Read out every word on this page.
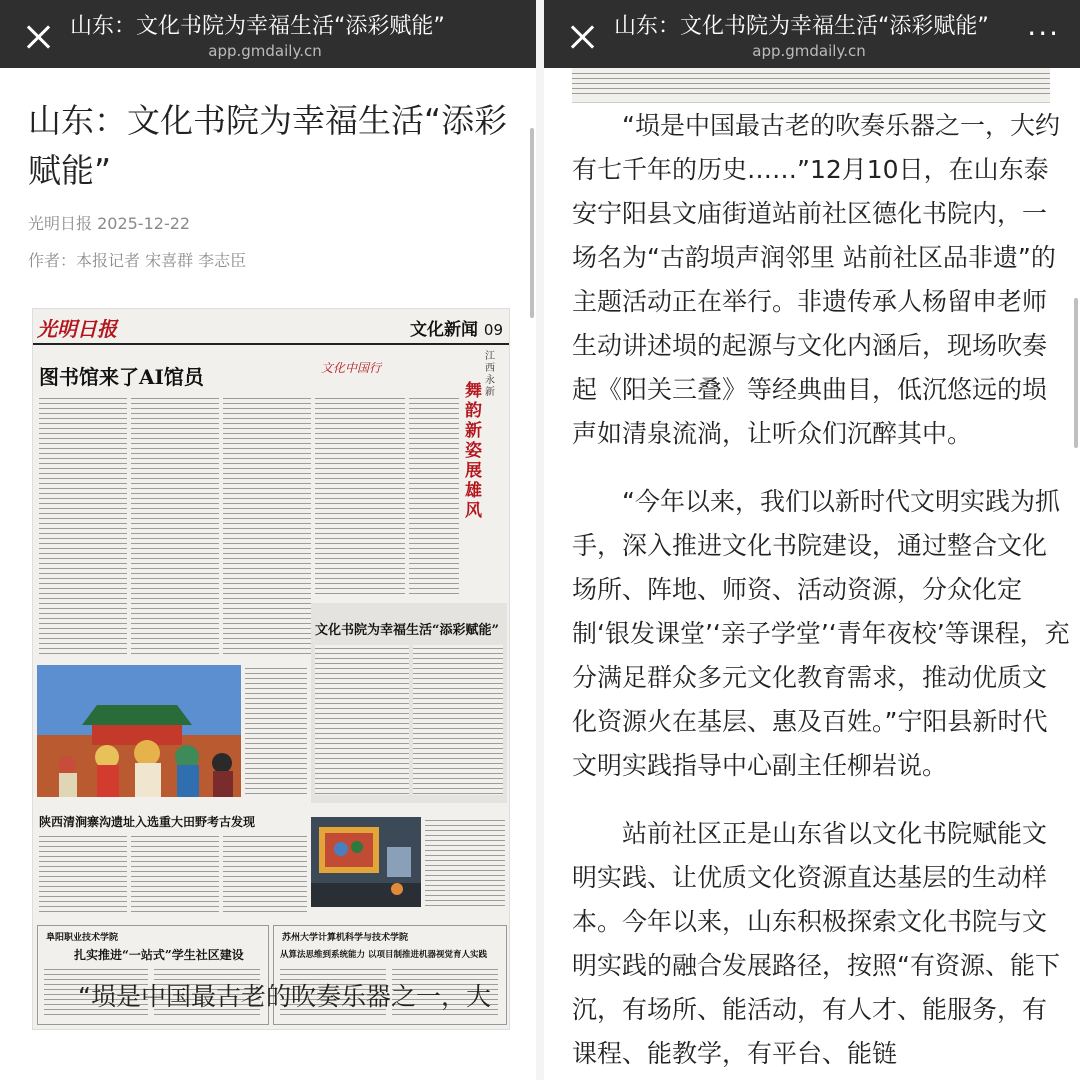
山东：文化书院为幸福生活“添彩赋能”
app.gmdaily.cn
山东：文化书院为幸福生活“添彩赋能”
光明日报 2025-12-22
作者：本报记者 宋喜群 李志臣
光明日报	文化新闻 09
图书馆来了AI馆员	文化中国行
江西永新
舞韵新姿展雄风
文化书院为幸福生活“添彩赋能”
陕西清涧寨沟遗址入选重大田野考古发现
阜阳职业技术学院
扎实推进“一站式”学生社区建设
苏州大学计算机科学与技术学院
从算法思维到系统能力 以项目制推进机器视觉育人实践
“埙是中国最古老的吹奏乐器之一，大
山东：文化书院为幸福生活“添彩赋能”
app.gmdaily.cn
···

“埙是中国最古老的吹奏乐器之一，大约有七千年的历史……”12月10日，在山东泰安宁阳县文庙街道站前社区德化书院内，一场名为“古韵埙声润邻里 站前社区品非遗”的主题活动正在举行。非遗传承人杨留申老师生动讲述埙的起源与文化内涵后，现场吹奏起《阳关三叠》等经典曲目，低沉悠远的埙声如清泉流淌，让听众们沉醉其中。

“今年以来，我们以新时代文明实践为抓手，深入推进文化书院建设，通过整合文化场所、阵地、师资、活动资源，分众化定制‘银发课堂’‘亲子学堂’‘青年夜校’等课程，充分满足群众多元文化教育需求，推动优质文化资源火在基层、惠及百姓。”宁阳县新时代文明实践指导中心副主任柳岩说。

站前社区正是山东省以文化书院赋能文明实践、让优质文化资源直达基层的生动样本。今年以来，山东积极探索文化书院与文明实践的融合发展路径，按照“有资源、能下沉，有场所、能活动，有人才、能服务，有课程、能教学，有平台、能链
